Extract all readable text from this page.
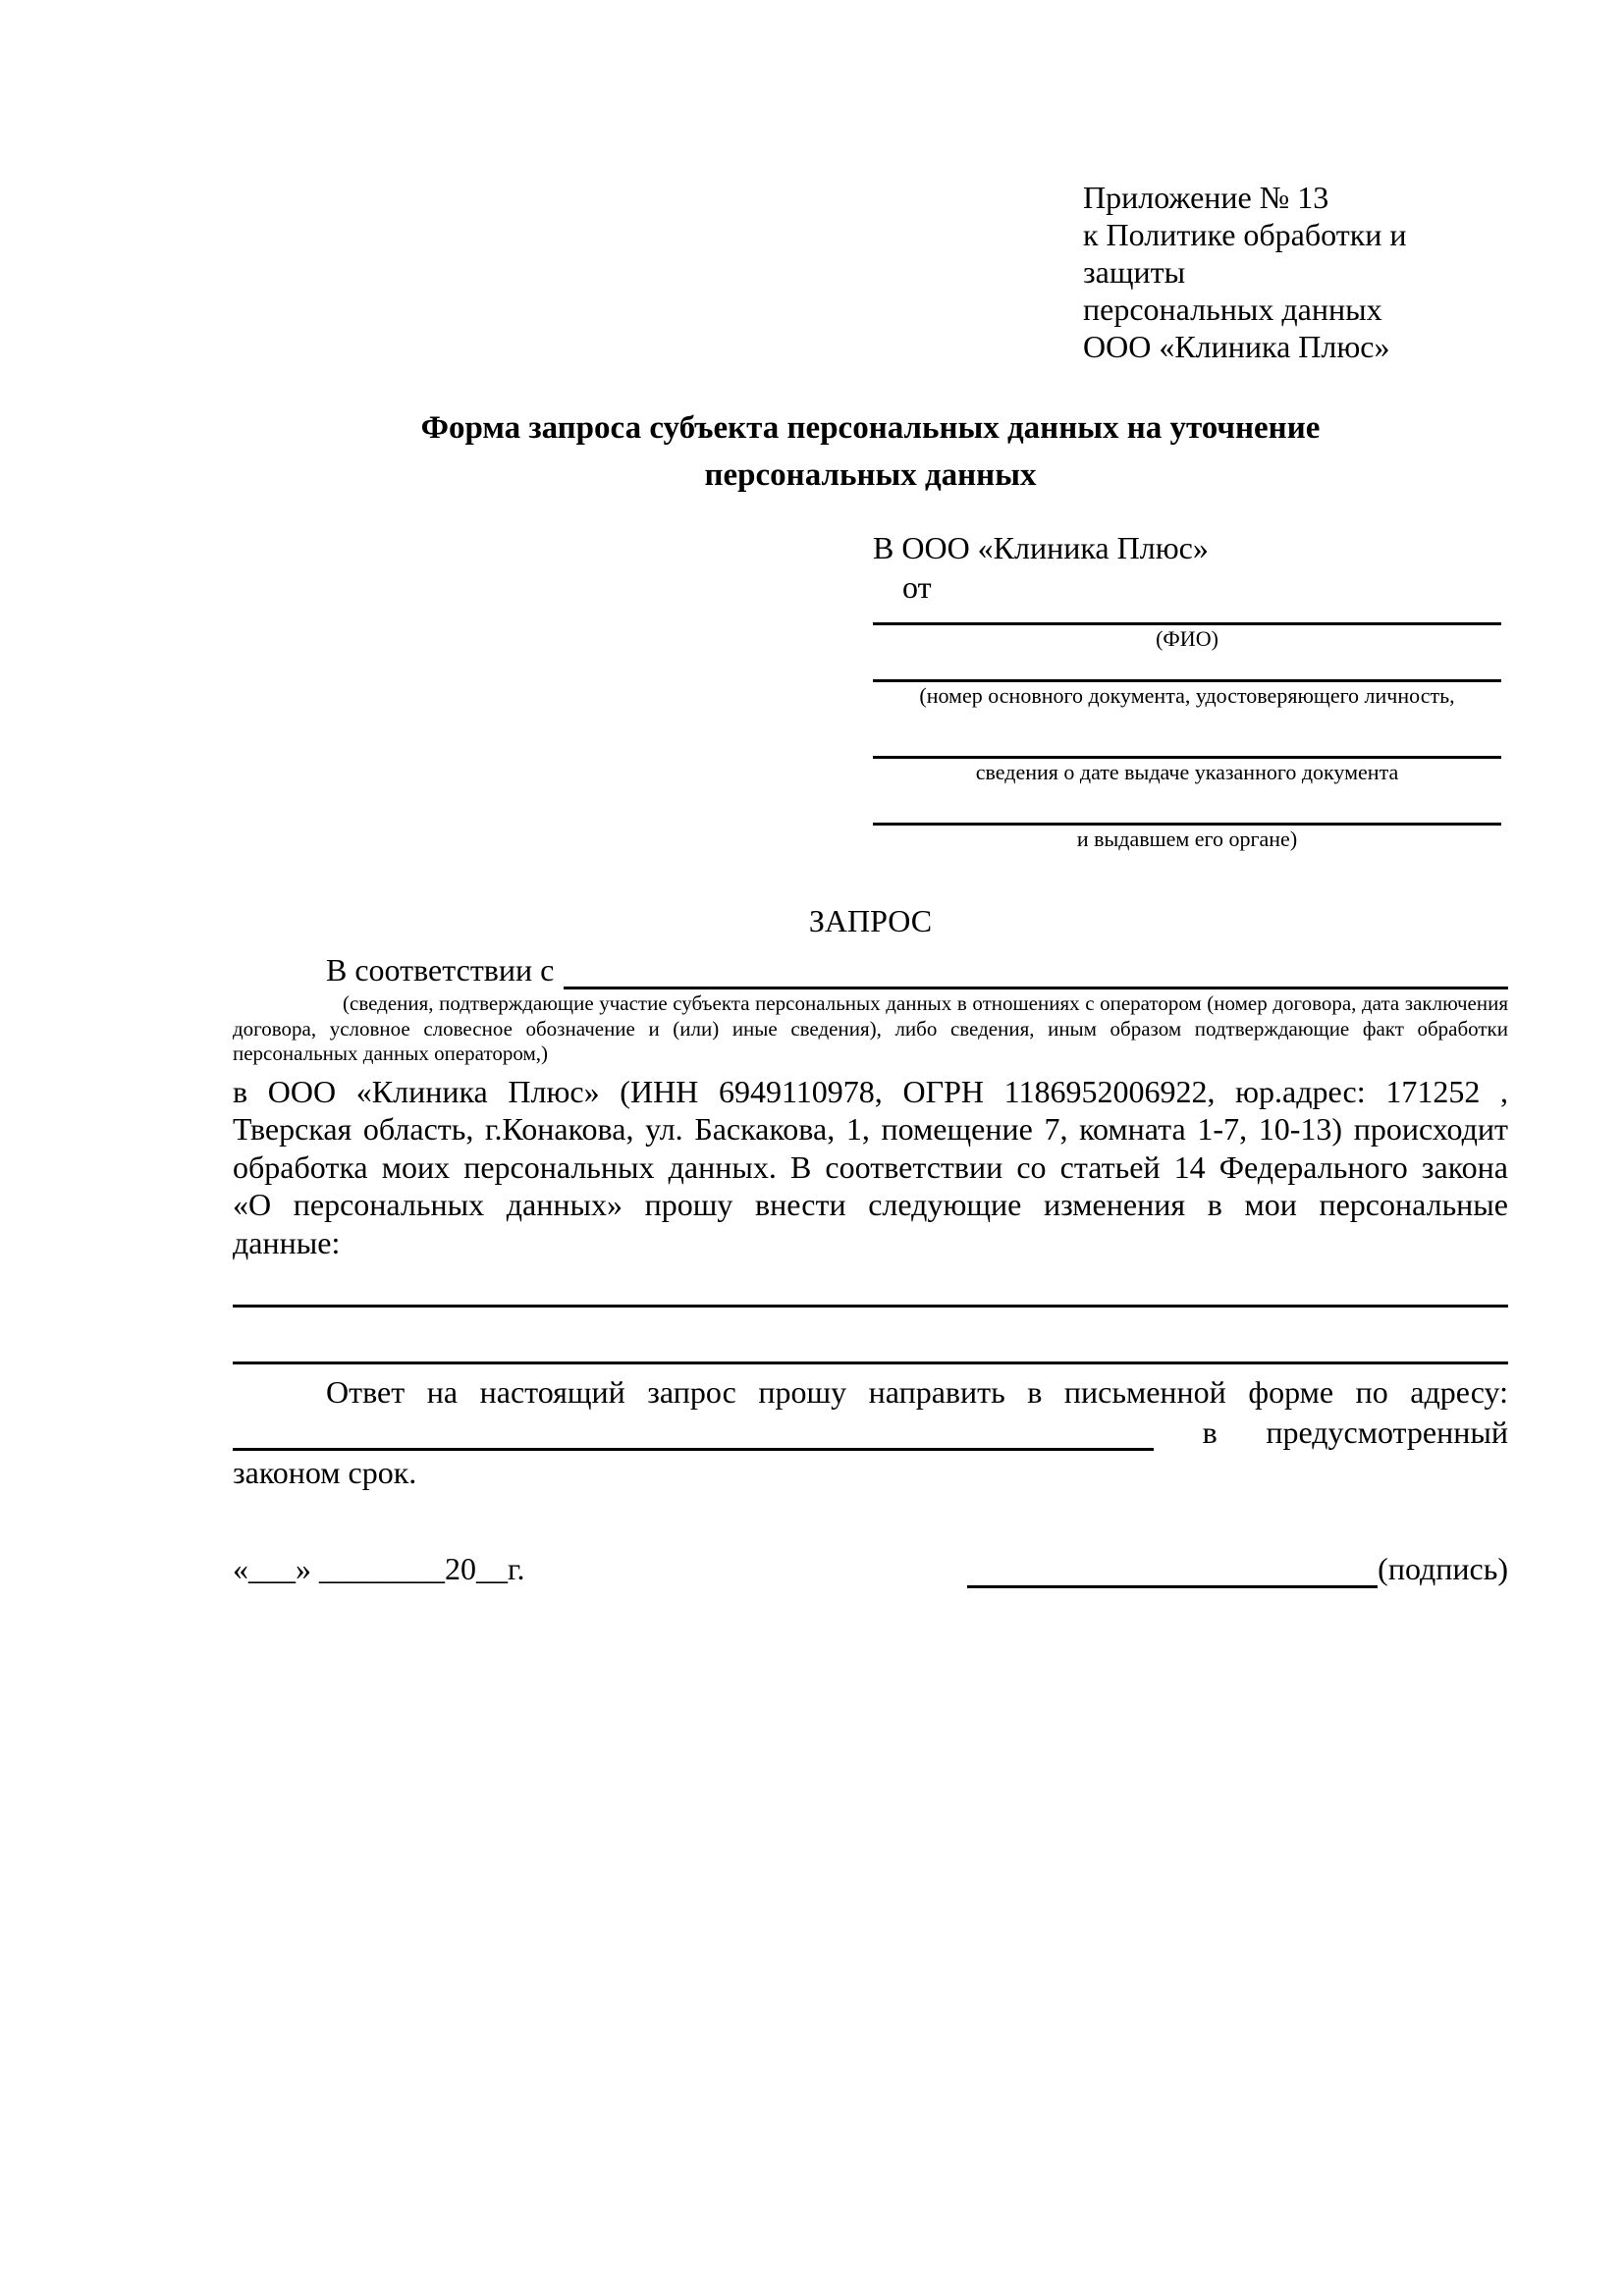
Приложение № 13
к Политике обработки и защиты
персональных данных
ООО «Клиника Плюс»
Форма запроса субъекта персональных данных на уточнение
персональных данных
В ООО «Клиника Плюс»
от
(ФИО)
(номер основного документа, удостоверяющего личность,
сведения о дате выдаче указанного документа
и выдавшем его органе)
ЗАПРОС
В соответствии с
(сведения, подтверждающие участие субъекта персональных данных в отношениях с оператором (номер договора, дата заключения договора, условное словесное обозначение и (или) иные сведения), либо сведения, иным образом подтверждающие факт обработки персональных данных оператором,)
в ООО «Клиника Плюс» (ИНН 6949110978, ОГРН 1186952006922, юр.адрес: 171252 , Тверская область, г.Конакова, ул. Баскакова, 1, помещение 7, комната 1-7, 10-13) происходит обработка моих персональных данных. В соответствии со статьей 14 Федерального закона «О персональных данных» прошу внести следующие изменения в мои персональные данные:
Ответ на настоящий запрос прошу направить в письменной форме по адресу:
в предусмотренный
законом срок.
«___» ________20__г.	(подпись)
